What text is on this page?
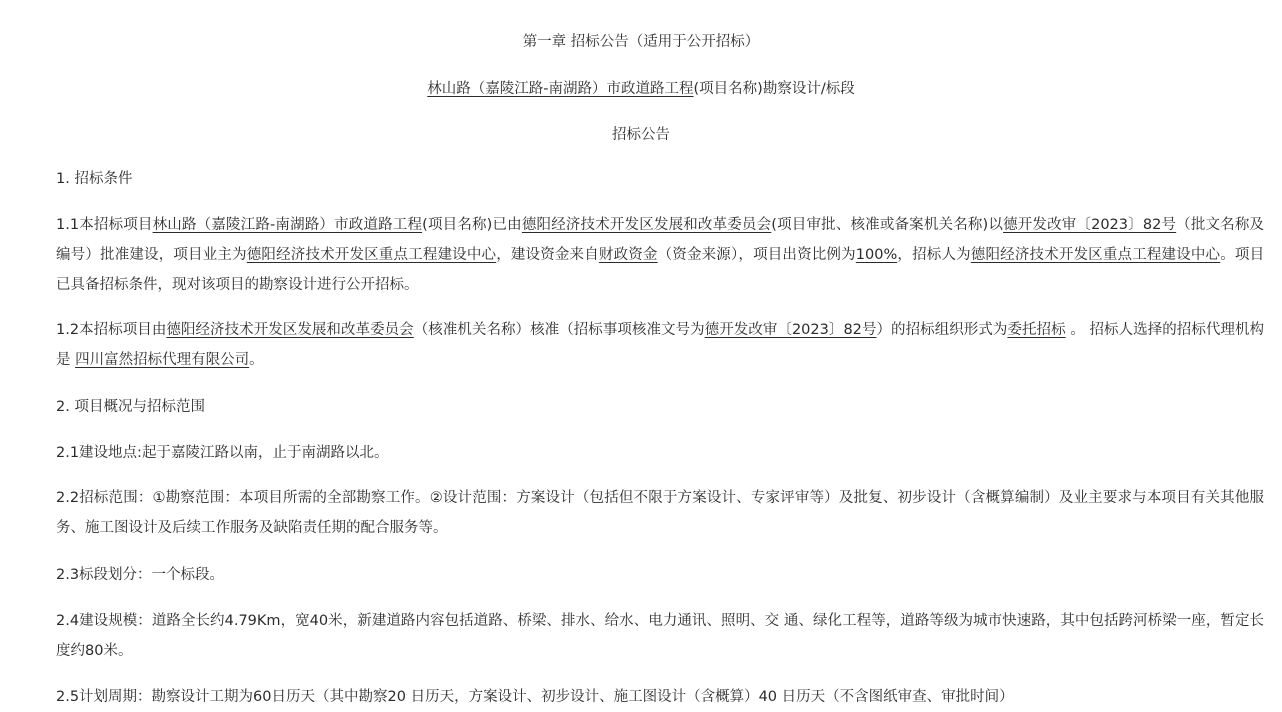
第一章 招标公告（适用于公开招标）
林山路（嘉陵江路-南湖路）市政道路工程(项目名称)勘察设计/标段
招标公告
1. 招标条件
1.1本招标项目林山路（嘉陵江路-南湖路）市政道路工程(项目名称)已由德阳经济技术开发区发展和改革委员会(项目审批、核准或备案机关名称)以德开发改审〔2023〕82号（批文名称及编号）批准建设，项目业主为德阳经济技术开发区重点工程建设中心，建设资金来自财政资金（资金来源），项目出资比例为100%，招标人为德阳经济技术开发区重点工程建设中心。项目已具备招标条件，现对该项目的勘察设计进行公开招标。
1.2本招标项目由德阳经济技术开发区发展和改革委员会（核准机关名称）核准（招标事项核准文号为德开发改审〔2023〕82号）的招标组织形式为委托招标 。 招标人选择的招标代理机构是 四川富然招标代理有限公司。
2. 项目概况与招标范围
2.1建设地点:起于嘉陵江路以南，止于南湖路以北。
2.2招标范围：①勘察范围：本项目所需的全部勘察工作。②设计范围：方案设计（包括但不限于方案设计、专家评审等）及批复、初步设计（含概算编制）及业主要求与本项目有关其他服务、施工图设计及后续工作服务及缺陷责任期的配合服务等。
2.3标段划分：一个标段。
2.4建设规模：道路全长约4.79Km，宽40米，新建道路内容包括道路、桥梁、排水、给水、电力通讯、照明、交 通、绿化工程等，道路等级为城市快速路，其中包括跨河桥梁一座，暂定长度约80米。
2.5计划周期：勘察设计工期为60日历天（其中勘察20 日历天，方案设计、初步设计、施工图设计（含概算）40 日历天（不含图纸审查、审批时间）
